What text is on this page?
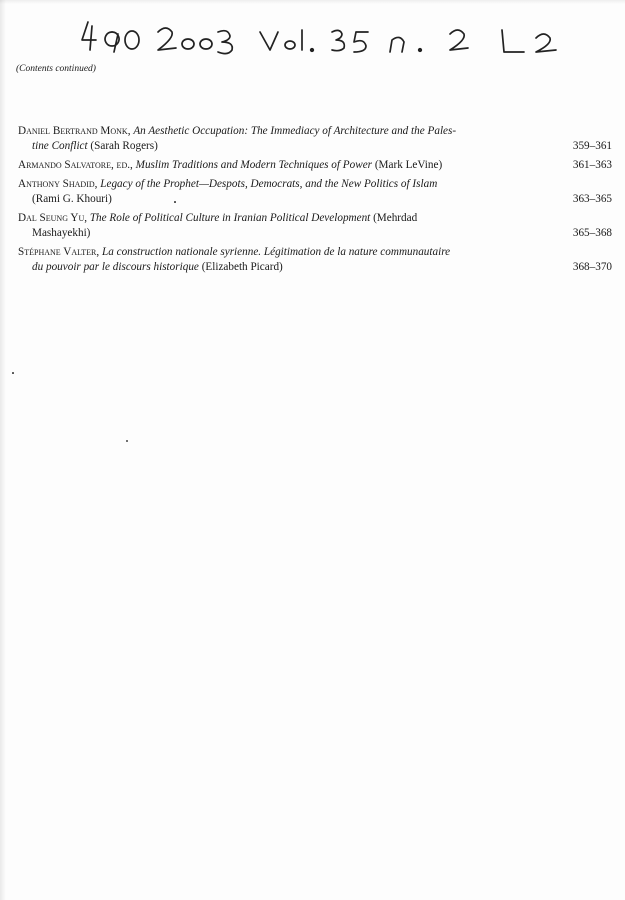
(Contents continued)
Daniel Bertrand Monk, An Aesthetic Occupation: The Immediacy of Architecture and the Pales-
tine Conflict (Sarah Rogers)	359–361
Armando Salvatore, ed., Muslim Traditions and Modern Techniques of Power (Mark LeVine)	361–363
Anthony Shadid, Legacy of the Prophet—Despots, Democrats, and the New Politics of Islam
(Rami G. Khouri)	363–365
Dal Seung Yu, The Role of Political Culture in Iranian Political Development (Mehrdad
Mashayekhi)	365–368
Stéphane Valter, La construction nationale syrienne. Légitimation de la nature communautaire
du pouvoir par le discours historique (Elizabeth Picard)	368–370
